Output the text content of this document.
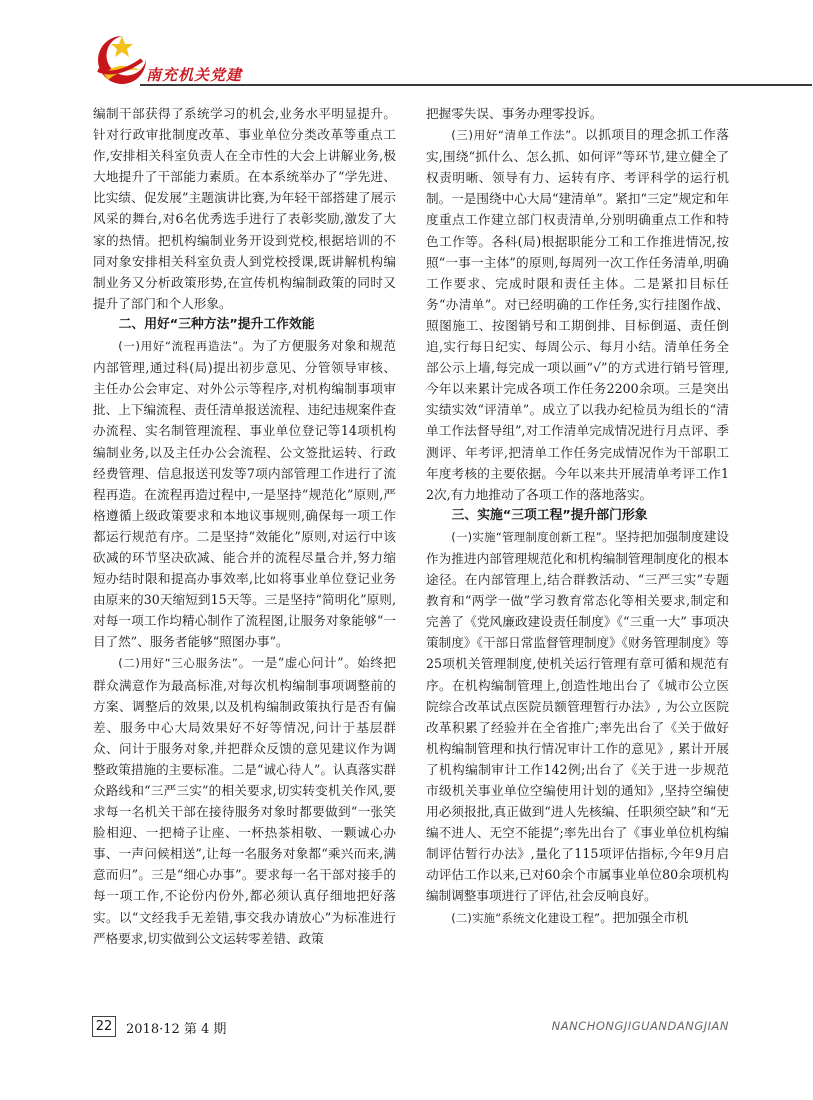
南充机关党建

编制干部获得了系统学习的机会,业务水平明显提升。针对行政审批制度改革、事业单位分类改革等重点工作,安排相关科室负责人在全市性的大会上讲解业务,极大地提升了干部能力素质。在本系统举办了“学先进、比实绩、促发展”主题演讲比赛,为年轻干部搭建了展示风采的舞台,对6名优秀选手进行了表彰奖励,激发了大家的热情。把机构编制业务开设到党校,根据培训的不同对象安排相关科室负责人到党校授课,既讲解机构编制业务又分析政策形势,在宣传机构编制政策的同时又提升了部门和个人形象。

二、用好“三种方法”提升工作效能

(一)用好“流程再造法”。为了方便服务对象和规范内部管理,通过科(局)提出初步意见、分管领导审核、主任办公会审定、对外公示等程序,对机构编制事项审批、上下编流程、责任清单报送流程、违纪违规案件查办流程、实名制管理流程、事业单位登记等14项机构编制业务,以及主任办公会流程、公文签批运转、行政经费管理、信息报送刊发等7项内部管理工作进行了流程再造。在流程再造过程中,一是坚持“规范化”原则,严格遵循上级政策要求和本地议事规则,确保每一项工作都运行规范有序。二是坚持“效能化”原则,对运行中该砍减的环节坚决砍减、能合并的流程尽量合并,努力缩短办结时限和提高办事效率,比如将事业单位登记业务由原来的30天缩短到15天等。三是坚持“简明化”原则,对每一项工作均精心制作了流程图,让服务对象能够“一目了然”、服务者能够“照图办事”。

(二)用好“三心服务法”。一是“虚心问计”。始终把群众满意作为最高标准,对每次机构编制事项调整前的方案、调整后的效果,以及机构编制政策执行是否有偏差、服务中心大局效果好不好等情况,问计于基层群众、问计于服务对象,并把群众反馈的意见建议作为调整政策措施的主要标准。二是“诚心待人”。认真落实群众路线和“三严三实”的相关要求,切实转变机关作风,要求每一名机关干部在接待服务对象时都要做到“一张笑脸相迎、一把椅子让座、一杯热茶相敬、一颗诚心办事、一声问候相送”,让每一名服务对象都“乘兴而来,满意而归”。三是“细心办事”。要求每一名干部对接手的每一项工作,不论份内份外,都必须认真仔细地把好落实。以“文经我手无差错,事交我办请放心”为标准进行严格要求,切实做到公文运转零差错、政策

把握零失误、事务办理零投诉。

(三)用好“清单工作法”。以抓项目的理念抓工作落实,围绕“抓什么、怎么抓、如何评”等环节,建立健全了权责明晰、领导有力、运转有序、考评科学的运行机制。一是围绕中心大局“建清单”。紧扣“三定”规定和年度重点工作建立部门权责清单,分别明确重点工作和特色工作等。各科(局)根据职能分工和工作推进情况,按照“一事一主体”的原则,每周列一次工作任务清单,明确工作要求、完成时限和责任主体。二是紧扣目标任务“办清单”。对已经明确的工作任务,实行挂图作战、照图施工、按图销号和工期倒排、目标倒逼、责任倒追,实行每日纪实、每周公示、每月小结。清单任务全部公示上墙,每完成一项以画“√”的方式进行销号管理,今年以来累计完成各项工作任务2200余项。三是突出实绩实效“评清单”。成立了以我办纪检员为组长的“清单工作法督导组”,对工作清单完成情况进行月点评、季测评、年考评,把清单工作任务完成情况作为干部职工年度考核的主要依据。今年以来共开展清单考评工作12次,有力地推动了各项工作的落地落实。

三、实施“三项工程”提升部门形象

(一)实施“管理制度创新工程”。坚持把加强制度建设作为推进内部管理规范化和机构编制管理制度化的根本途径。在内部管理上,结合群教活动、“三严三实”专题教育和“两学一做”学习教育常态化等相关要求,制定和完善了《党风廉政建设责任制度》《“三重一大” 事项决策制度》《干部日常监督管理制度》《财务管理制度》等25项机关管理制度,使机关运行管理有章可循和规范有序。在机构编制管理上,创造性地出台了《城市公立医院综合改革试点医院员额管理暂行办法》, 为公立医院改革积累了经验并在全省推广;率先出台了《关于做好机构编制管理和执行情况审计工作的意见》, 累计开展了机构编制审计工作142例;出台了《关于进一步规范市级机关事业单位空编使用计划的通知》,坚持空编使用必须报批,真正做到“进人先核编、任职须空缺”和“无编不进人、无空不能提”;率先出台了《事业单位机构编制评估暂行办法》,量化了115项评估指标,今年9月启动评估工作以来,已对60余个市属事业单位80余项机构编制调整事项进行了评估,社会反响良好。

(二)实施“系统文化建设工程”。把加强全市机

22 2018·12 第 4 期	NANCHONGJIGUANDANGJIAN
